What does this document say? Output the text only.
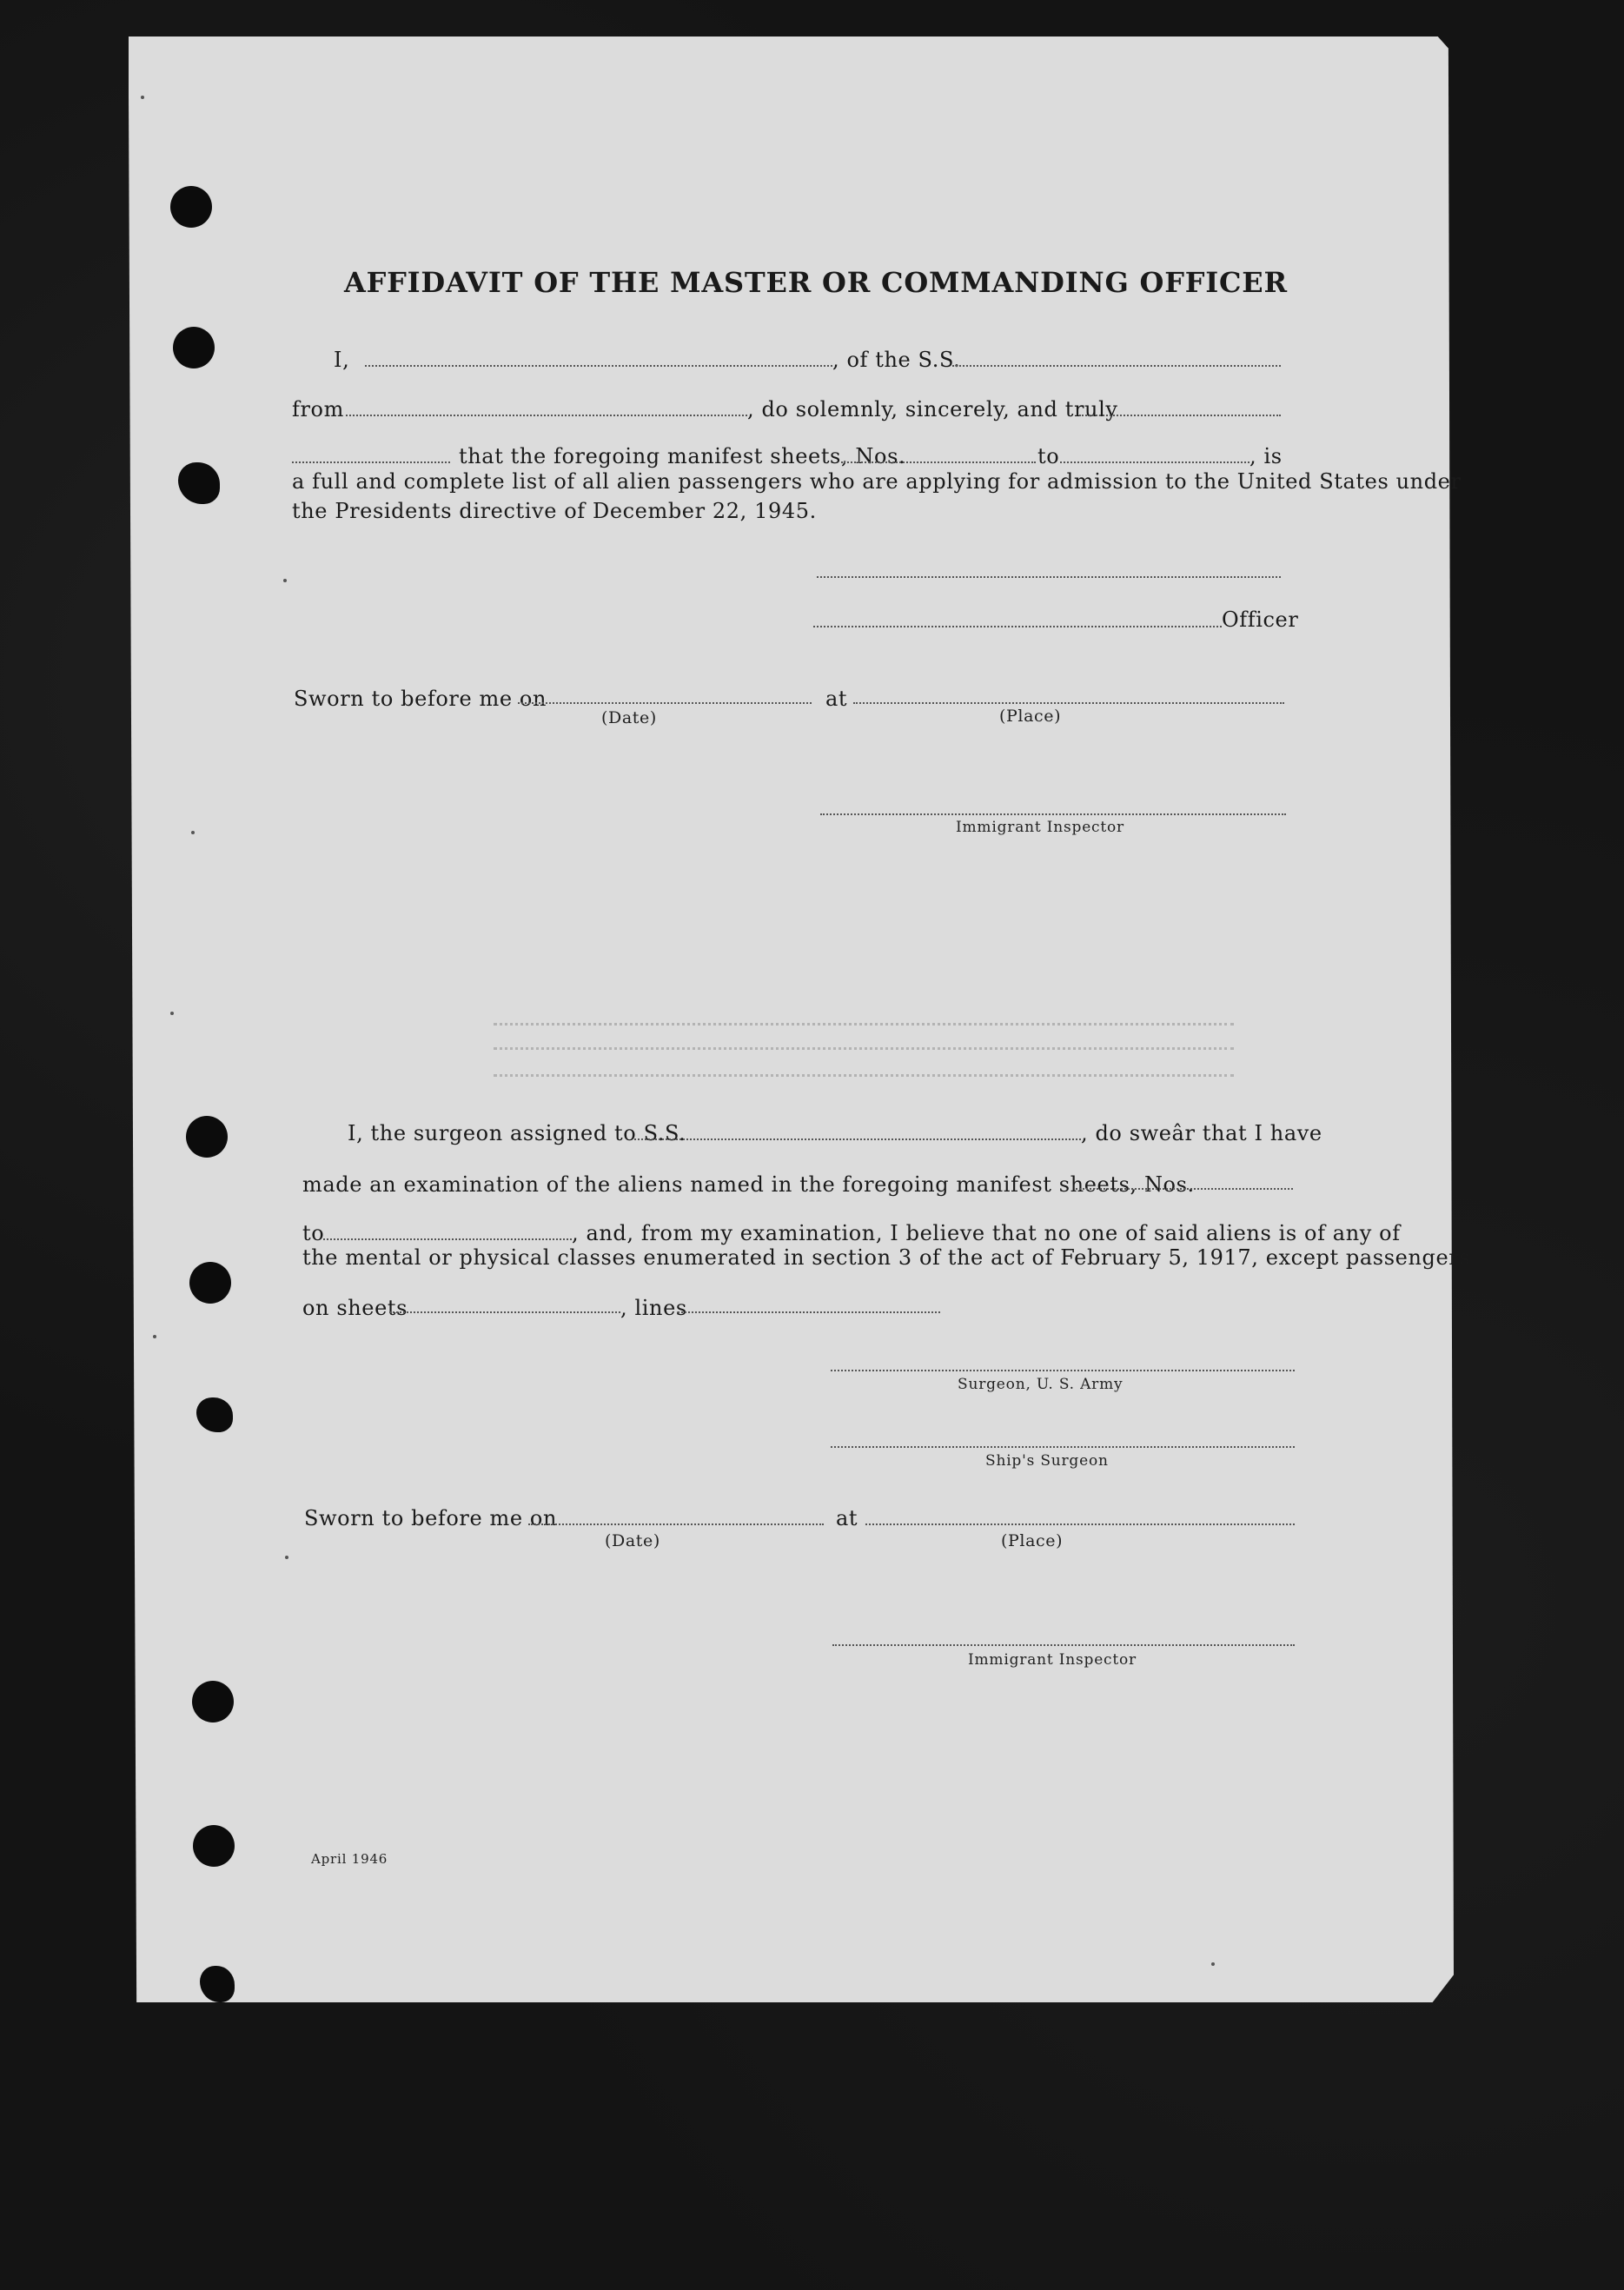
AFFIDAVIT OF THE MASTER OR COMMANDING OFFICER
I,	, of the S.S.
from	, do solemnly, sincerely, and truly
that the foregoing manifest sheets, Nos.	to	, is
a full and complete list of all alien passengers who are applying for admission to the United States under
the Presidents directive of December 22, 1945.
Officer
Sworn to before me on	at
(Date)	(Place)
Immigrant Inspector
I, the surgeon assigned to S.S.	, do sweâr that I have
made an examination of the aliens named in the foregoing manifest sheets, Nos.
to	, and, from my examination, I believe that no one of said aliens is of any of
the mental or physical classes enumerated in section 3 of the act of February 5, 1917, except passengers
on sheets	, lines
Surgeon, U. S. Army
Ship's Surgeon
Sworn to before me on	at
(Date)	(Place)
Immigrant Inspector
April 1946
